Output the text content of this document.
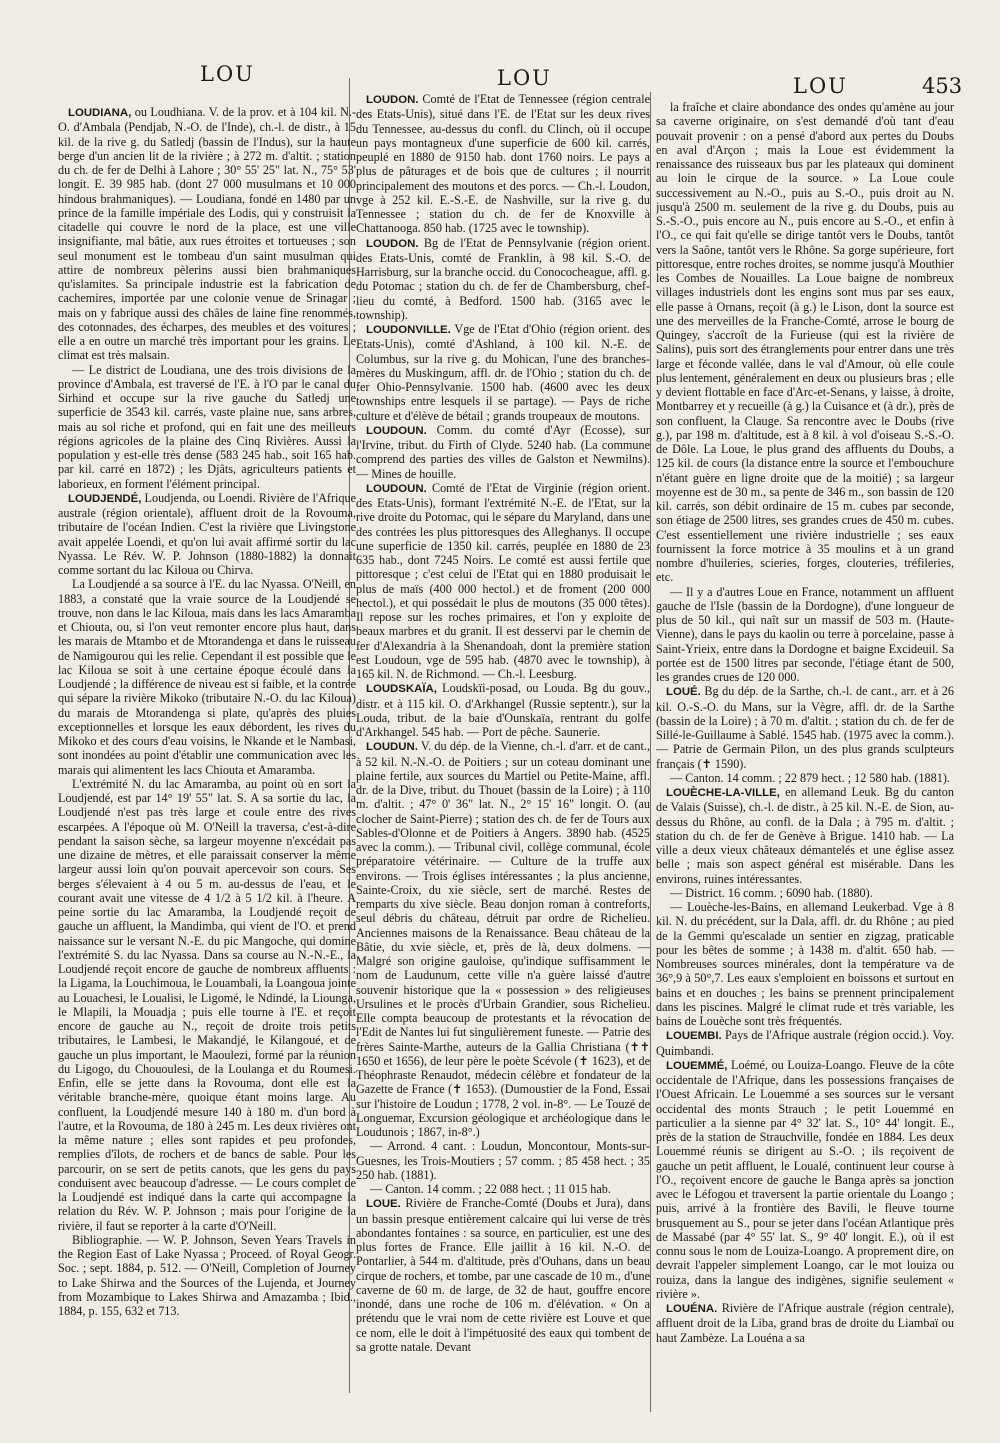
LOU	LOU	LOU	453

LOUDIANA, ou Loudhiana. V. de la prov. et à 104 kil. N.-O. d'Ambala (Pendjab, N.-O. de l'Inde), ch.-l. de distr., à 15 kil. de la rive g. du Satledj (bassin de l'Indus), sur la haute berge d'un ancien lit de la rivière ; à 272 m. d'altit. ; station du ch. de fer de Delhi à Lahore ; 30° 55' 25" lat. N., 75° 53' longit. E. 39 985 hab. (dont 27 000 musulmans et 10 000 hindous brahmaniques). — Loudiana, fondé en 1480 par un prince de la famille impériale des Lodis, qui y construisit la citadelle qui couvre le nord de la place, est une ville insignifiante, mal bâtie, aux rues étroites et tortueuses ; son seul monument est le tombeau d'un saint musulman qui attire de nombreux pèlerins aussi bien brahmaniques qu'islamites. Sa principale industrie est la fabrication de cachemires, importée par une colonie venue de Srinagar ; mais on y fabrique aussi des châles de laine fine renommés, des cotonnades, des écharpes, des meubles et des voitures ; elle a en outre un marché très important pour les grains. Le climat est très malsain.

— Le district de Loudiana, une des trois divisions de la province d'Ambala, est traversé de l'E. à l'O par le canal du Sirhind et occupe sur la rive gauche du Satledj une superficie de 3543 kil. carrés, vaste plaine nue, sans arbres, mais au sol riche et profond, qui en fait une des meilleurs régions agricoles de la plaine des Cinq Rivières. Aussi la population y est-elle très dense (583 245 hab., soit 165 hab. par kil. carré en 1872) ; les Djâts, agriculteurs patients et laborieux, en forment l'élément principal.

LOUDJENDÉ, Loudjenda, ou Loendi. Rivière de l'Afrique australe (région orientale), affluent droit de la Rovouma, tributaire de l'océan Indien. C'est la rivière que Livingstone avait appelée Loendi, et qu'on lui avait affirmé sortir du lac Nyassa. Le Rév. W. P. Johnson (1880-1882) la donnait comme sortant du lac Kiloua ou Chirva.

La Loudjendé a sa source à l'E. du lac Nyassa. O'Neill, en 1883, a constaté que la vraie source de la Loudjendé se trouve, non dans le lac Kiloua, mais dans les lacs Amaramba et Chiouta, ou, si l'on veut remonter encore plus haut, dans les marais de Mtambo et de Mtorandenga et dans le ruisseau de Namigourou qui les relie. Cependant il est possible que le lac Kiloua se soit à une certaine époque écoulé dans la Loudjendé ; la différence de niveau est si faible, et la contrée qui sépare la rivière Mikoko (tributaire N.-O. du lac Kiloua) du marais de Mtorandenga si plate, qu'après des pluies exceptionnelles et lorsque les eaux débordent, les rives du Mikoko et des cours d'eau voisins, le Nkande et le Nambasi, sont inondées au point d'établir une communication avec les marais qui alimentent les lacs Chiouta et Amaramba.

L'extrémité N. du lac Amaramba, au point où en sort la Loudjendé, est par 14° 19' 55" lat. S. A sa sortie du lac, la Loudjendé n'est pas très large et coule entre des rives escarpées. A l'époque où M. O'Neill la traversa, c'est-à-dire pendant la saison sèche, sa largeur moyenne n'excédait pas une dizaine de mètres, et elle paraissait conserver la même largeur aussi loin qu'on pouvait apercevoir son cours. Ses berges s'élevaient à 4 ou 5 m. au-dessus de l'eau, et le courant avait une vitesse de 4 1/2 à 5 1/2 kil. à l'heure. A peine sortie du lac Amaramba, la Loudjendé reçoit de gauche un affluent, la Mandimba, qui vient de l'O. et prend naissance sur le versant N.-E. du pic Mangoche, qui domine l'extrémité S. du lac Nyassa. Dans sa course au N.-N.-E., la Loudjendé reçoit encore de gauche de nombreux affluents : la Ligama, la Louchimoua, le Louambali, la Loangoua jointe au Louachesi, le Loualisi, le Ligomé, le Ndindé, la Liounga, le Mlapili, la Mouadja ; puis elle tourne à l'E. et reçoit encore de gauche au N., reçoit de droite trois petits tributaires, le Lambesi, le Makandjé, le Kilangoué, et de gauche un plus important, le Maoulezi, formé par la réunion du Ligogo, du Chououlesi, de la Loulanga et du Roumesi. Enfin, elle se jette dans la Rovouma, dont elle est la véritable branche-mère, quoique étant moins large. Au confluent, la Loudjendé mesure 140 à 180 m. d'un bord à l'autre, et la Rovouma, de 180 à 245 m. Les deux rivières ont la même nature ; elles sont rapides et peu profondes, remplies d'îlots, de rochers et de bancs de sable. Pour les parcourir, on se sert de petits canots, que les gens du pays conduisent avec beaucoup d'adresse. — Le cours complet de la Loudjendé est indiqué dans la carte qui accompagne la relation du Rév. W. P. Johnson ; mais pour l'origine de la rivière, il faut se reporter à la carte d'O'Neill.

Bibliographie. — W. P. Johnson, Seven Years Travels in the Region East of Lake Nyassa ; Proceed. of Royal Geogr. Soc. ; sept. 1884, p. 512. — O'Neill, Completion of Journey to Lake Shirwa and the Sources of the Lujenda, et Journey from Mozambique to Lakes Shirwa and Amazamba ; Ibid., 1884, p. 155, 632 et 713.

LOUDON. Comté de l'Etat de Tennessee (région centrale des Etats-Unis), situé dans l'E. de l'Etat sur les deux rives du Tennessee, au-dessus du confl. du Clinch, où il occupe un pays montagneux d'une superficie de 600 kil. carrés, peuplé en 1880 de 9150 hab. dont 1760 noirs. Le pays a plus de pâturages et de bois que de cultures ; il nourrit principalement des moutons et des porcs. — Ch.-l. Loudon, vge à 252 kil. E.-S.-E. de Nashville, sur la rive g. du Tennessee ; station du ch. de fer de Knoxville à Chattanooga. 850 hab. (1725 avec le township).

LOUDON. Bg de l'Etat de Pennsylvanie (région orient. des Etats-Unis, comté de Franklin, à 98 kil. S.-O. de Harrisburg, sur la branche occid. du Conococheague, affl. g. du Potomac ; station du ch. de fer de Chambersburg, chef-lieu du comté, à Bedford. 1500 hab. (3165 avec le township).

LOUDONVILLE. Vge de l'Etat d'Ohio (région orient. des Etats-Unis), comté d'Ashland, à 100 kil. N.-E. de Columbus, sur la rive g. du Mohican, l'une des branches-mères du Muskingum, affl. dr. de l'Ohio ; station du ch. de fer Ohio-Pennsylvanie. 1500 hab. (4600 avec les deux townships entre lesquels il se partage). — Pays de riche culture et d'élève de bétail ; grands troupeaux de moutons.

LOUDOUN. Comm. du comté d'Ayr (Ecosse), sur l'Irvine, tribut. du Firth of Clyde. 5240 hab. (La commune comprend des parties des villes de Galston et Newmilns). — Mines de houille.

LOUDOUN. Comté de l'Etat de Virginie (région orient. des Etats-Unis), formant l'extrémité N.-E. de l'Etat, sur la rive droite du Potomac, qui le sépare du Maryland, dans une des contrées les plus pittoresques des Alleghanys. Il occupe une superficie de 1350 kil. carrés, peuplée en 1880 de 23 635 hab., dont 7245 Noirs. Le comté est aussi fertile que pittoresque ; c'est celui de l'Etat qui en 1880 produisait le plus de maïs (400 000 hectol.) et de froment (200 000 hectol.), et qui possédait le plus de moutons (35 000 têtes). Il repose sur les roches primaires, et l'on y exploite de beaux marbres et du granit. Il est desservi par le chemin de fer d'Alexandria à la Shenandoah, dont la première station est Loudoun, vge de 595 hab. (4870 avec le township), à 165 kil. N. de Richmond. — Ch.-l. Leesburg.

LOUDSKAÏA, Loudskïi-posad, ou Louda. Bg du gouv., distr. et à 115 kil. O. d'Arkhangel (Russie septentr.), sur la Louda, tribut. de la baie d'Ounskaïa, rentrant du golfe d'Arkhangel. 545 hab. — Port de pêche. Saunerie.

LOUDUN. V. du dép. de la Vienne, ch.-l. d'arr. et de cant., à 52 kil. N.-N.-O. de Poitiers ; sur un coteau dominant une plaine fertile, aux sources du Martiel ou Petite-Maine, affl. dr. de la Dive, tribut. du Thouet (bassin de la Loire) ; à 110 m. d'altit. ; 47° 0' 36" lat. N., 2° 15' 16" longit. O. (au clocher de Saint-Pierre) ; station des ch. de fer de Tours aux Sables-d'Olonne et de Poitiers à Angers. 3890 hab. (4525 avec la comm.). — Tribunal civil, collège communal, école préparatoire vétérinaire. — Culture de la truffe aux environs. — Trois églises intéressantes ; la plus ancienne, Sainte-Croix, du xie siècle, sert de marché. Restes de remparts du xive siècle. Beau donjon roman à contreforts, seul débris du château, détruit par ordre de Richelieu. Anciennes maisons de la Renaissance. Beau château de la Bâtie, du xvie siècle, et, près de là, deux dolmens. — Malgré son origine gauloise, qu'indique suffisamment le nom de Laudunum, cette ville n'a guère laissé d'autre souvenir historique que la « possession » des religieuses Ursulines et le procès d'Urbain Grandier, sous Richelieu. Elle compta beaucoup de protestants et la révocation de l'Edit de Nantes lui fut singulièrement funeste. — Patrie des frères Sainte-Marthe, auteurs de la Gallia Christiana (✝✝ 1650 et 1656), de leur père le poète Scévole (✝ 1623), et de Théophraste Renaudot, médecin célèbre et fondateur de la Gazette de France (✝ 1653). (Dumoustier de la Fond, Essai sur l'histoire de Loudun ; 1778, 2 vol. in-8°. — Le Touzé de Longuemar, Excursion géologique et archéologique dans le Loudunois ; 1867, in-8°.)

— Arrond. 4 cant. : Loudun, Moncontour, Monts-sur-Guesnes, les Trois-Moutiers ; 57 comm. ; 85 458 hect. ; 35 250 hab. (1881).

— Canton. 14 comm. ; 22 088 hect. ; 11 015 hab.

LOUE. Rivière de Franche-Comté (Doubs et Jura), dans un bassin presque entièrement calcaire qui lui verse de très abondantes fontaines : sa source, en particulier, est une des plus fortes de France. Elle jaillit à 16 kil. N.-O. de Pontarlier, à 544 m. d'altitude, près d'Ouhans, dans un beau cirque de rochers, et tombe, par une cascade de 10 m., d'une caverne de 60 m. de large, de 32 de haut, gouffre encore inondé, dans une roche de 106 m. d'élévation. « On a prétendu que le vrai nom de cette rivière est Louve et que ce nom, elle le doit à l'impétuosité des eaux qui tombent de sa grotte natale. Devant

la fraîche et claire abondance des ondes qu'amène au jour sa caverne originaire, on s'est demandé d'où tant d'eau pouvait provenir : on a pensé d'abord aux pertes du Doubs en aval d'Arçon ; mais la Loue est évidemment la renaissance des ruisseaux bus par les plateaux qui dominent au loin le cirque de la source. » La Loue coule successivement au N.-O., puis au S.-O., puis droit au N. jusqu'à 2500 m. seulement de la rive g. du Doubs, puis au S.-S.-O., puis encore au N., puis encore au S.-O., et enfin à l'O., ce qui fait qu'elle se dirige tantôt vers le Doubs, tantôt vers la Saône, tantôt vers le Rhône. Sa gorge supérieure, fort pittoresque, entre roches droites, se nomme jusqu'à Mouthier les Combes de Nouailles. La Loue baigne de nombreux villages industriels dont les engins sont mus par ses eaux, elle passe à Ornans, reçoit (à g.) le Lison, dont la source est une des merveilles de la Franche-Comté, arrose le bourg de Quingey, s'accroît de la Furieuse (qui est la rivière de Salins), puis sort des étranglements pour entrer dans une très large et féconde vallée, dans le val d'Amour, où elle coule plus lentement, généralement en deux ou plusieurs bras ; elle y devient flottable en face d'Arc-et-Senans, y laisse, à droite, Montbarrey et y recueille (à g.) la Cuisance et (à dr.), près de son confluent, la Clauge. Sa rencontre avec le Doubs (rive g.), par 198 m. d'altitude, est à 8 kil. à vol d'oiseau S.-S.-O. de Dôle. La Loue, le plus grand des affluents du Doubs, a 125 kil. de cours (la distance entre la source et l'embouchure n'étant guère en ligne droite que de la moitié) ; sa largeur moyenne est de 30 m., sa pente de 346 m., son bassin de 120 kil. carrés, son débit ordinaire de 15 m. cubes par seconde, son étiage de 2500 litres, ses grandes crues de 450 m. cubes. C'est essentiellement une rivière industrielle ; ses eaux fournissent la force motrice à 35 moulins et à un grand nombre d'huileries, scieries, forges, clouteries, tréfileries, etc.

— Il y a d'autres Loue en France, notamment un affluent gauche de l'Isle (bassin de la Dordogne), d'une longueur de plus de 50 kil., qui naît sur un massif de 503 m. (Haute-Vienne), dans le pays du kaolin ou terre à porcelaine, passe à Saint-Yrieix, entre dans la Dordogne et baigne Excideuil. Sa portée est de 1500 litres par seconde, l'étiage étant de 500, les grandes crues de 120 000.

LOUÉ. Bg du dép. de la Sarthe, ch.-l. de cant., arr. et à 26 kil. O.-S.-O. du Mans, sur la Vègre, affl. dr. de la Sarthe (bassin de la Loire) ; à 70 m. d'altit. ; station du ch. de fer de Sillé-le-Guillaume à Sablé. 1545 hab. (1975 avec la comm.). — Patrie de Germain Pilon, un des plus grands sculpteurs français (✝ 1590).

— Canton. 14 comm. ; 22 879 hect. ; 12 580 hab. (1881).

LOUÈCHE-LA-VILLE, en allemand Leuk. Bg du canton de Valais (Suisse), ch.-l. de distr., à 25 kil. N.-E. de Sion, au-dessus du Rhône, au confl. de la Dala ; à 795 m. d'altit. ; station du ch. de fer de Genève à Brigue. 1410 hab. — La ville a deux vieux châteaux démantelés et une église assez belle ; mais son aspect général est misérable. Dans les environs, ruines intéressantes.

— District. 16 comm. ; 6090 hab. (1880).

— Louèche-les-Bains, en allemand Leukerbad. Vge à 8 kil. N. du précédent, sur la Dala, affl. dr. du Rhône ; au pied de la Gemmi qu'escalade un sentier en zigzag, praticable pour les bêtes de somme ; à 1438 m. d'altit. 650 hab. — Nombreuses sources minérales, dont la température va de 36°,9 à 50°,7. Les eaux s'emploient en boissons et surtout en bains et en douches ; les bains se prennent principalement dans les piscines. Malgré le climat rude et très variable, les bains de Louèche sont très fréquentés.

LOUEMBI. Pays de l'Afrique australe (région occid.). Voy. Quimbandi.

LOUEMMÉ, Loémé, ou Louiza-Loango. Fleuve de la côte occidentale de l'Afrique, dans les possessions françaises de l'Ouest Africain. Le Louemmé a ses sources sur le versant occidental des monts Strauch ; le petit Louemmé en particulier a la sienne par 4° 32' lat. S., 10° 44' longit. E., près de la station de Strauchville, fondée en 1884. Les deux Louemmé réunis se dirigent au S.-O. ; ils reçoivent de gauche un petit affluent, le Loualé, continuent leur course à l'O., reçoivent encore de gauche le Banga après sa jonction avec le Léfogou et traversent la partie orientale du Loango ; puis, arrivé à la frontière des Bavili, le fleuve tourne brusquement au S., pour se jeter dans l'océan Atlantique près de Massabé (par 4° 55' lat. S., 9° 40' longit. E.), où il est connu sous le nom de Louiza-Loango. A proprement dire, on devrait l'appeler simplement Loango, car le mot louiza ou rouiza, dans la langue des indigènes, signifie seulement « rivière ».

LOUÉNA. Rivière de l'Afrique australe (région centrale), affluent droit de la Liba, grand bras de droite du Liambaï ou haut Zambèze. La Louéna a sa
